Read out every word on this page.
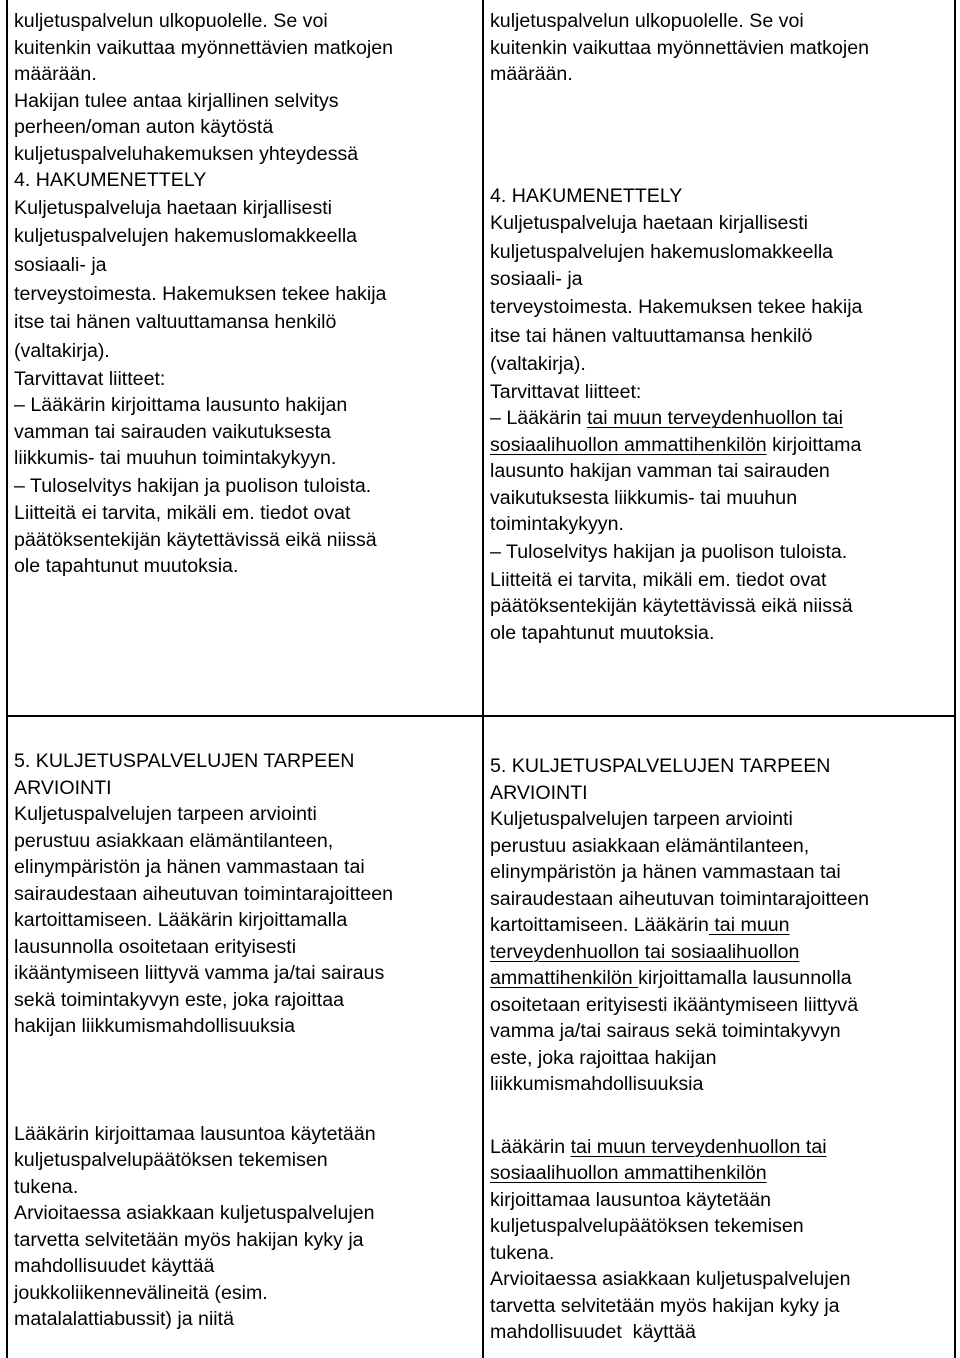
kuljetuspalvelun ulkopuolelle. Se voi
kuitenkin vaikuttaa myönnettävien matkojen
määrään.
Hakijan tulee antaa kirjallinen selvitys
perheen/oman auton käytöstä
kuljetuspalveluhakemuksen yhteydessä
4. HAKUMENETTELY
Kuljetuspalveluja haetaan kirjallisesti
kuljetuspalvelujen hakemuslomakkeella
sosiaali- ja
terveystoimesta. Hakemuksen tekee hakija
itse tai hänen valtuuttamansa henkilö
(valtakirja).
Tarvittavat liitteet:
– Lääkärin kirjoittama lausunto hakijan
vamman tai sairauden vaikutuksesta
liikkumis- tai muuhun toimintakykyyn.
– Tuloselvitys hakijan ja puolison tuloista.
Liitteitä ei tarvita, mikäli em. tiedot ovat
päätöksentekijän käytettävissä eikä niissä
ole tapahtunut muutoksia.
kuljetuspalvelun ulkopuolelle. Se voi
kuitenkin vaikuttaa myönnettävien matkojen
määrään.
4. HAKUMENETTELY
Kuljetuspalveluja haetaan kirjallisesti
kuljetuspalvelujen hakemuslomakkeella
sosiaali- ja
terveystoimesta. Hakemuksen tekee hakija
itse tai hänen valtuuttamansa henkilö
(valtakirja).
Tarvittavat liitteet:
– Lääkärin tai muun terveydenhuollon tai
sosiaalihuollon ammattihenkilön kirjoittama
lausunto hakijan vamman tai sairauden
vaikutuksesta liikkumis- tai muuhun
toimintakykyyn.
– Tuloselvitys hakijan ja puolison tuloista.
Liitteitä ei tarvita, mikäli em. tiedot ovat
päätöksentekijän käytettävissä eikä niissä
ole tapahtunut muutoksia.
5. KULJETUSPALVELUJEN TARPEEN
ARVIOINTI
Kuljetuspalvelujen tarpeen arviointi
perustuu asiakkaan elämäntilanteen,
elinympäristön ja hänen vammastaan tai
sairaudestaan aiheutuvan toimintarajoitteen
kartoittamiseen. Lääkärin kirjoittamalla
lausunnolla osoitetaan erityisesti
ikääntymiseen liittyvä vamma ja/tai sairaus
sekä toimintakyvyn este, joka rajoittaa
hakijan liikkumismahdollisuuksia
Lääkärin kirjoittamaa lausuntoa käytetään
kuljetuspalvelupäätöksen tekemisen
tukena.
Arvioitaessa asiakkaan kuljetuspalvelujen
tarvetta selvitetään myös hakijan kyky ja
mahdollisuudet käyttää
joukkoliikennevälineitä (esim.
matalalattiabussit) ja niitä
5. KULJETUSPALVELUJEN TARPEEN
ARVIOINTI
Kuljetuspalvelujen tarpeen arviointi
perustuu asiakkaan elämäntilanteen,
elinympäristön ja hänen vammastaan tai
sairaudestaan aiheutuvan toimintarajoitteen
kartoittamiseen. Lääkärin tai muun
terveydenhuollon tai sosiaalihuollon
ammattihenkilön kirjoittamalla lausunnolla
osoitetaan erityisesti ikääntymiseen liittyvä
vamma ja/tai sairaus sekä toimintakyvyn
este, joka rajoittaa hakijan
liikkumismahdollisuuksia
Lääkärin tai muun terveydenhuollon tai
sosiaalihuollon ammattihenkilön
kirjoittamaa lausuntoa käytetään
kuljetuspalvelupäätöksen tekemisen
tukena.
Arvioitaessa asiakkaan kuljetuspalvelujen
tarvetta selvitetään myös hakijan kyky ja
mahdollisuudet  käyttää
